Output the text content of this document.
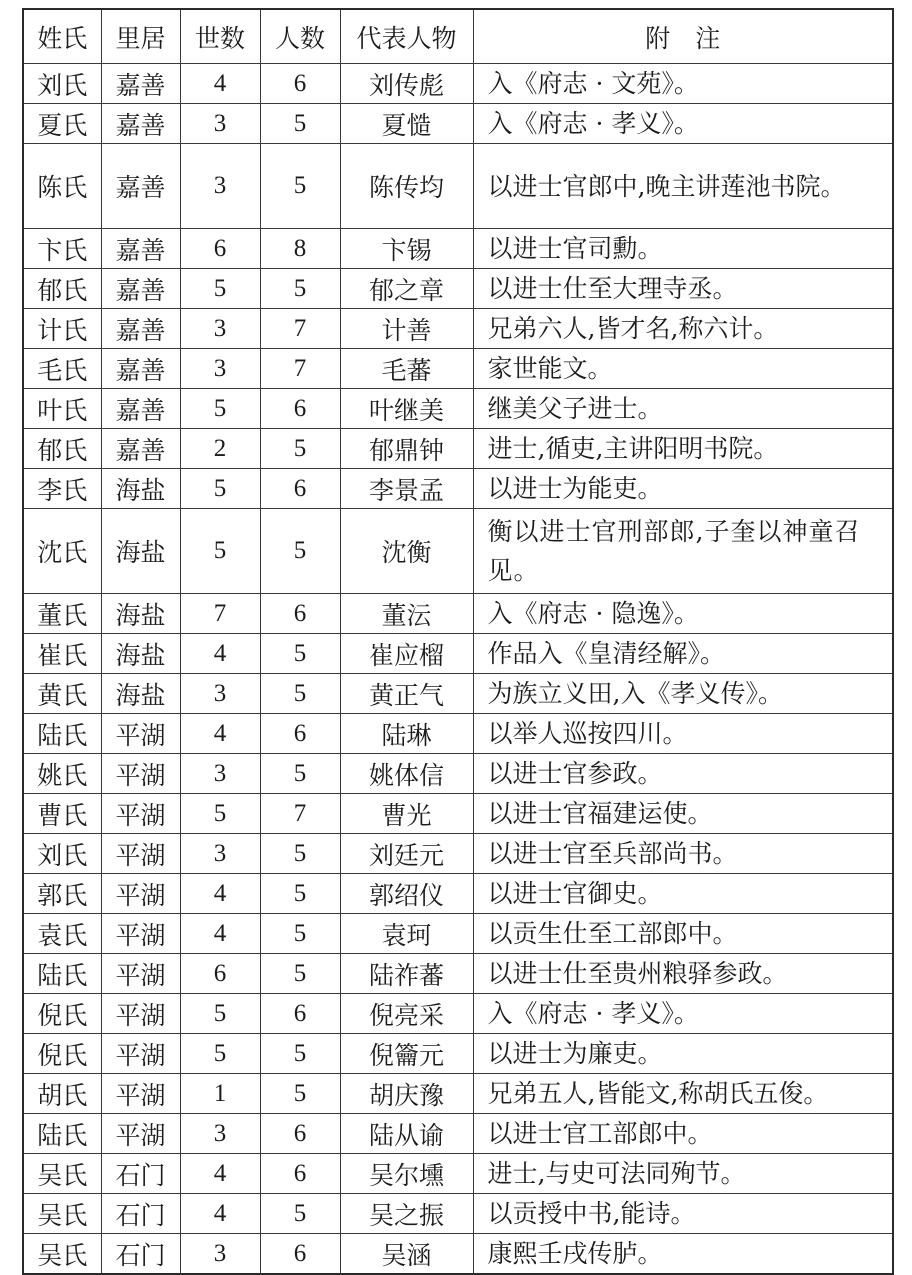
姓氏	里居	世数	人数	代表人物	附　注
刘氏	嘉善	4	6	刘传彪	入《府志 · 文苑》。
夏氏	嘉善	3	5	夏慥	入《府志 · 孝义》。
陈氏	嘉善	3	5	陈传均	以进士官郎中,晚主讲莲池书院。
卞氏	嘉善	6	8	卞锡	以进士官司勳。
郁氏	嘉善	5	5	郁之章	以进士仕至大理寺丞。
计氏	嘉善	3	7	计善	兄弟六人,皆才名,称六计。
毛氏	嘉善	3	7	毛蕃	家世能文。
叶氏	嘉善	5	6	叶继美	继美父子进士。
郁氏	嘉善	2	5	郁鼎钟	进士,循吏,主讲阳明书院。
李氏	海盐	5	6	李景孟	以进士为能吏。
沈氏	海盐	5	5	沈衡	衡以进士官刑部郎,子奎以神童召见。
董氏	海盐	7	6	董沄	入《府志 · 隐逸》。
崔氏	海盐	4	5	崔应榴	作品入《皇清经解》。
黄氏	海盐	3	5	黄正气	为族立义田,入《孝义传》。
陆氏	平湖	4	6	陆琳	以举人巡按四川。
姚氏	平湖	3	5	姚体信	以进士官参政。
曹氏	平湖	5	7	曹光	以进士官福建运使。
刘氏	平湖	3	5	刘廷元	以进士官至兵部尚书。
郭氏	平湖	4	5	郭绍仪	以进士官御史。
袁氏	平湖	4	5	袁珂	以贡生仕至工部郎中。
陆氏	平湖	6	5	陆祚蕃	以进士仕至贵州粮驿参政。
倪氏	平湖	5	6	倪亮采	入《府志 · 孝义》。
倪氏	平湖	5	5	倪籥元	以进士为廉吏。
胡氏	平湖	1	5	胡庆豫	兄弟五人,皆能文,称胡氏五俊。
陆氏	平湖	3	6	陆从谕	以进士官工部郎中。
吴氏	石门	4	6	吴尔壎	进士,与史可法同殉节。
吴氏	石门	4	5	吴之振	以贡授中书,能诗。
吴氏	石门	3	6	吴涵	康熙壬戌传胪。
